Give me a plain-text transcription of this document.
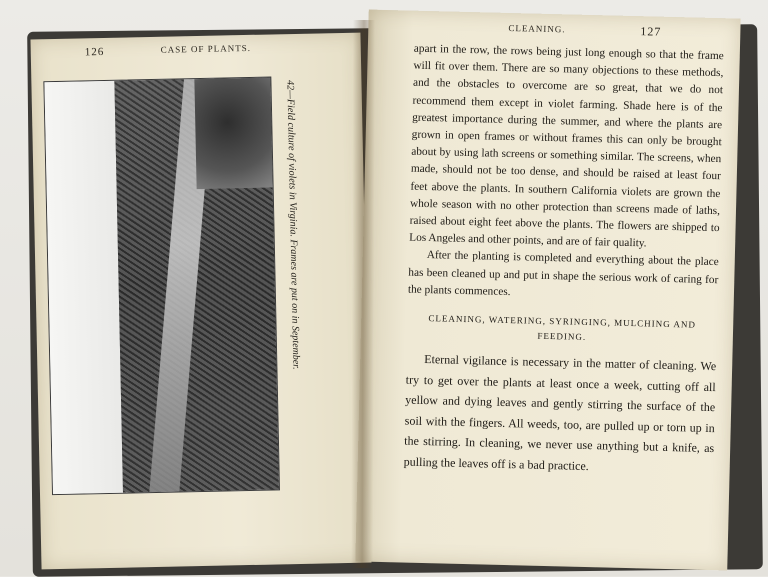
126	CASE OF PLANTS.
42—Field culture of violets in Virginia. Frames are put on in September.
CLEANING.	127

apart in the row, the rows being just long enough so that the frame will fit over them. There are so many objections to these methods, and the obstacles to overcome are so great, that we do not recommend them except in violet farming. Shade here is of the greatest importance during the summer, and where the plants are grown in open frames or without frames this can only be brought about by using lath screens or something similar. The screens, when made, should not be too dense, and should be raised at least four feet above the plants. In southern California violets are grown the whole season with no other protection than screens made of laths, raised about eight feet above the plants. The flowers are shipped to Los Angeles and other points, and are of fair quality.

After the planting is completed and everything about the place has been cleaned up and put in shape the serious work of caring for the plants commences.

CLEANING, WATERING, SYRINGING, MULCHING AND FEEDING.

Eternal vigilance is necessary in the matter of cleaning. We try to get over the plants at least once a week, cutting off all yellow and dying leaves and gently stirring the surface of the soil with the fingers. All weeds, too, are pulled up or torn up in the stirring. In cleaning, we never use anything but a knife, as pulling the leaves off is a bad practice.
